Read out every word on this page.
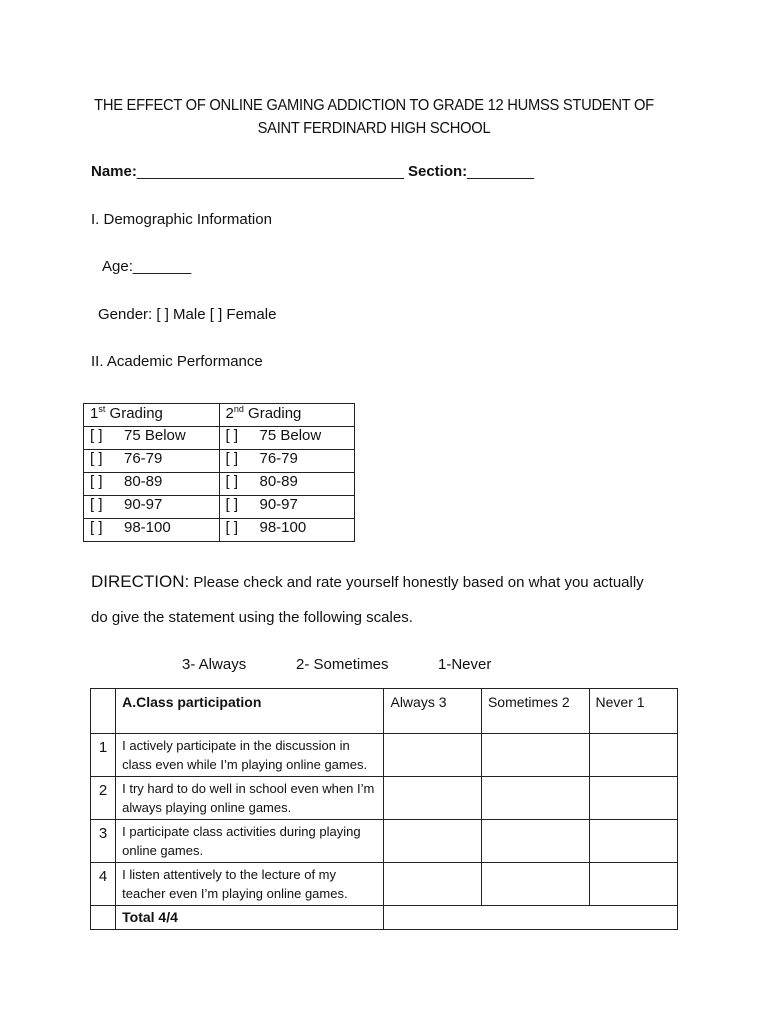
THE EFFECT OF ONLINE GAMING ADDICTION TO GRADE 12 HUMSS STUDENT OF
SAINT FERDINARD HIGH SCHOOL
Name:________________________________ Section:________
I. Demographic Information
Age:_______
Gender: [ ] Male [ ] Female
II. Academic Performance
1st Grading	2nd Grading
[ ] 75 Below	[ ] 75 Below
[ ] 76-79	[ ] 76-79
[ ] 80-89	[ ] 80-89
[ ] 90-97	[ ] 90-97
[ ] 98-100	[ ] 98-100
DIRECTION: Please check and rate yourself honestly based on what you actually
do give the statement using the following scales.
3- Always	2- Sometimes	1-Never
	A.Class participation	Always 3	Sometimes 2	Never 1
1	I actively participate in the discussion in class even while I’m playing online games.			
2	I try hard to do well in school even when I’m always playing online games.			
3	I participate class activities during playing online games.			
4	I listen attentively to the lecture of my teacher even I’m playing online games.			
	Total 4/4			
